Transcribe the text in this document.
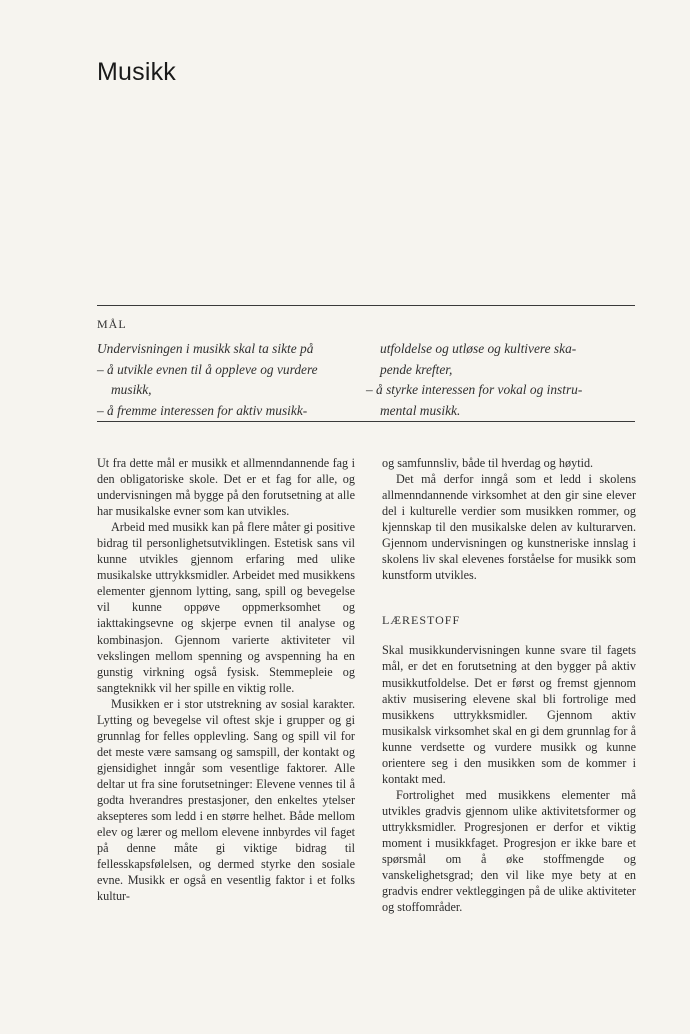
Musikk
MÅL
Undervisningen i musikk skal ta sikte på
– å utvikle evnen til å oppleve og vurdere
musikk,
– å fremme interessen for aktiv musikk-
utfoldelse og utløse og kultivere ska-
pende krefter,
– å styrke interessen for vokal og instru-
mental musikk.

Ut fra dette mål er musikk et allmenndannende fag i den obligatoriske skole. Det er et fag for alle, og undervisningen må bygge på den forutsetning at alle har musikalske evner som kan utvikles.

Arbeid med musikk kan på flere måter gi positive bidrag til personlighetsutviklingen. Estetisk sans vil kunne utvikles gjennom erfaring med ulike musikalske uttrykksmidler. Arbeidet med musikkens elementer gjennom lytting, sang, spill og bevegelse vil kunne oppøve oppmerksomhet og iakttakingsevne og skjerpe evnen til analyse og kombinasjon. Gjennom varierte aktiviteter vil vekslingen mellom spenning og avspenning ha en gunstig virkning også fysisk. Stemmepleie og sangteknikk vil her spille en viktig rolle.

Musikken er i stor utstrekning av sosial karakter. Lytting og bevegelse vil oftest skje i grupper og gi grunnlag for felles opplevling. Sang og spill vil for det meste være samsang og samspill, der kontakt og gjensidighet inngår som vesentlige faktorer. Alle deltar ut fra sine forutsetninger: Elevene vennes til å godta hverandres prestasjoner, den enkeltes ytelser aksepteres som ledd i en større helhet. Både mellom elev og lærer og mellom elevene innbyrdes vil faget på denne måte gi viktige bidrag til fellesskapsfølelsen, og dermed styrke den sosiale evne. Musikk er også en vesentlig faktor i et folks kultur-

og samfunnsliv, både til hverdag og høytid.

Det må derfor inngå som et ledd i skolens allmenndannende virksomhet at den gir sine elever del i kulturelle verdier som musikken rommer, og kjennskap til den musikalske delen av kulturarven. Gjennom undervisningen og kunstneriske innslag i skolens liv skal elevenes forståelse for musikk som kunstform utvikles.

LÆRESTOFF

Skal musikkundervisningen kunne svare til fagets mål, er det en forutsetning at den bygger på aktiv musikkutfoldelse. Det er først og fremst gjennom aktiv musisering elevene skal bli fortrolige med musikkens uttrykksmidler. Gjennom aktiv musikalsk virksomhet skal en gi dem grunnlag for å kunne verdsette og vurdere musikk og kunne orientere seg i den musikken som de kommer i kontakt med.

Fortrolighet med musikkens elementer må utvikles gradvis gjennom ulike aktivitetsformer og uttrykksmidler. Progresjonen er derfor et viktig moment i musikkfaget. Progresjon er ikke bare et spørsmål om å øke stoffmengde og vanskelighetsgrad; den vil like mye bety at en gradvis endrer vektleggingen på de ulike aktiviteter og stoffområder.
